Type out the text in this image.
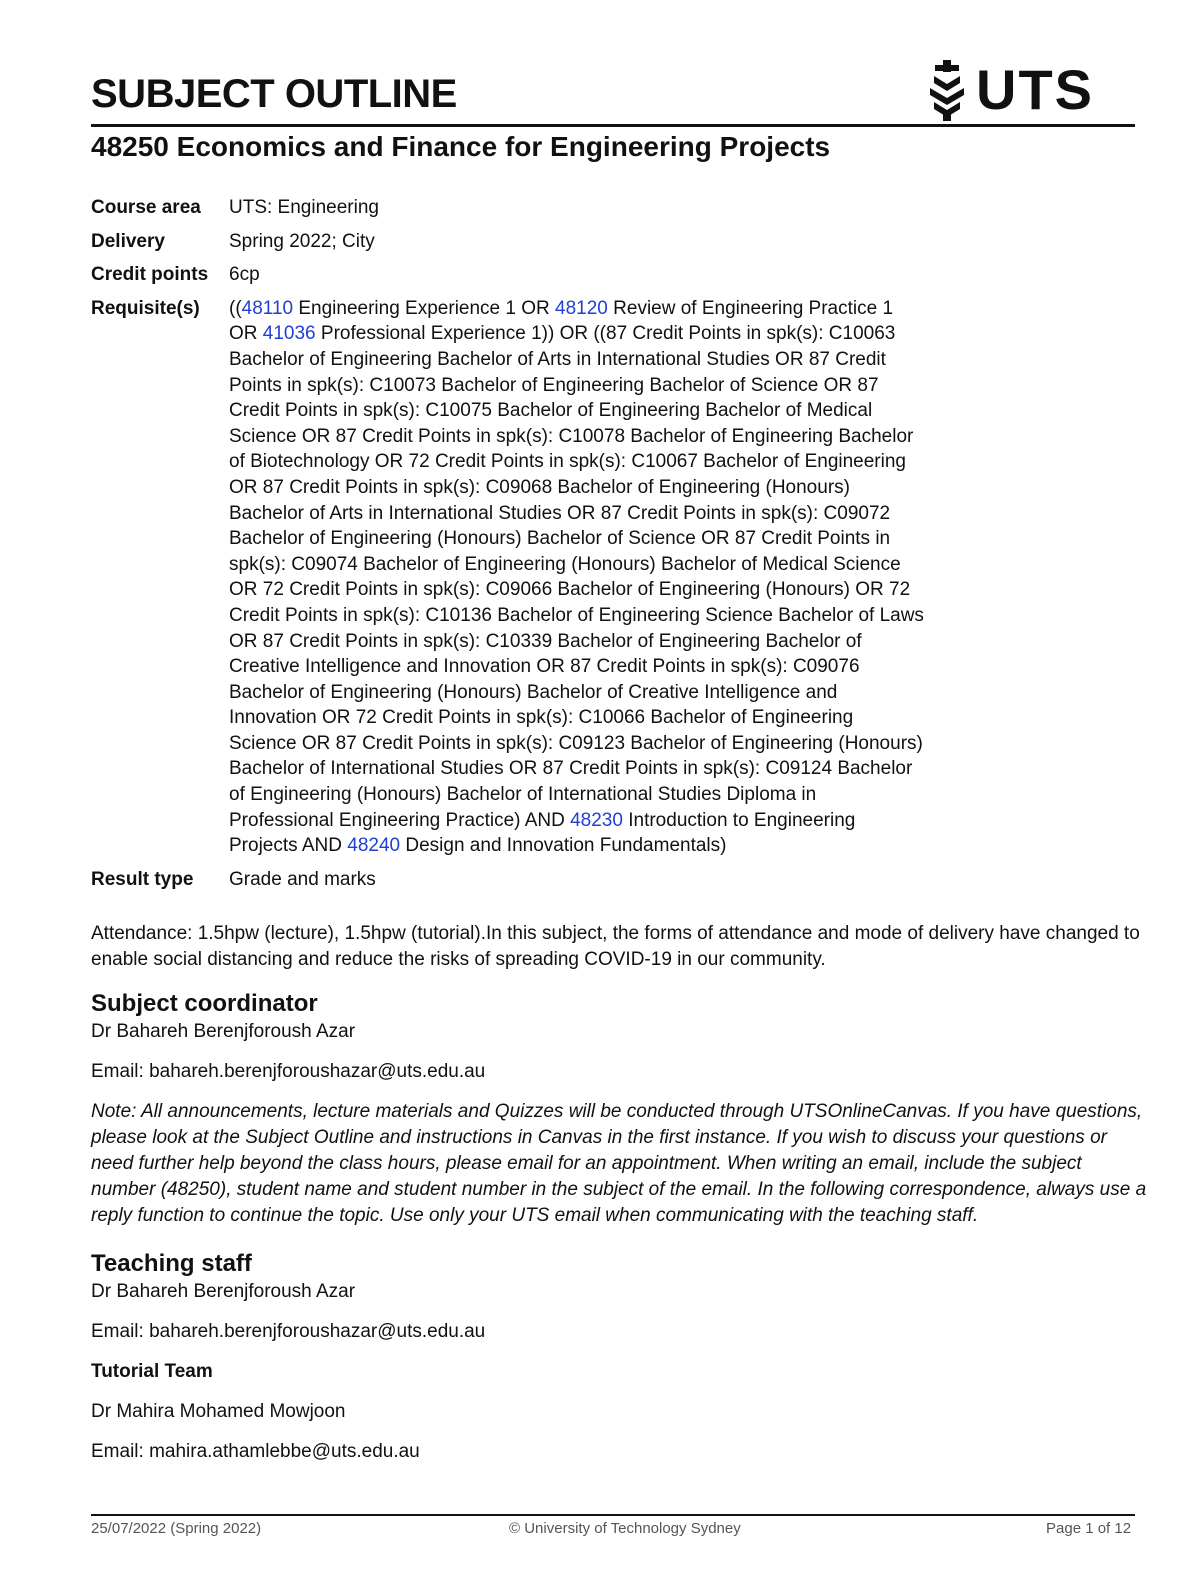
SUBJECT OUTLINE	UTS
48250 Economics and Finance for Engineering Projects
Course area	UTS: Engineering
Delivery	Spring 2022; City
Credit points	6cp
Requisite(s)	((48110 Engineering Experience 1 OR 48120 Review of Engineering Practice 1
OR 41036 Professional Experience 1)) OR ((87 Credit Points in spk(s): C10063
Bachelor of Engineering Bachelor of Arts in International Studies OR 87 Credit
Points in spk(s): C10073 Bachelor of Engineering Bachelor of Science OR 87
Credit Points in spk(s): C10075 Bachelor of Engineering Bachelor of Medical
Science OR 87 Credit Points in spk(s): C10078 Bachelor of Engineering Bachelor
of Biotechnology OR 72 Credit Points in spk(s): C10067 Bachelor of Engineering
OR 87 Credit Points in spk(s): C09068 Bachelor of Engineering (Honours)
Bachelor of Arts in International Studies OR 87 Credit Points in spk(s): C09072
Bachelor of Engineering (Honours) Bachelor of Science OR 87 Credit Points in
spk(s): C09074 Bachelor of Engineering (Honours) Bachelor of Medical Science
OR 72 Credit Points in spk(s): C09066 Bachelor of Engineering (Honours) OR 72
Credit Points in spk(s): C10136 Bachelor of Engineering Science Bachelor of Laws
OR 87 Credit Points in spk(s): C10339 Bachelor of Engineering Bachelor of
Creative Intelligence and Innovation OR 87 Credit Points in spk(s): C09076
Bachelor of Engineering (Honours) Bachelor of Creative Intelligence and
Innovation OR 72 Credit Points in spk(s): C10066 Bachelor of Engineering
Science OR 87 Credit Points in spk(s): C09123 Bachelor of Engineering (Honours)
Bachelor of International Studies OR 87 Credit Points in spk(s): C09124 Bachelor
of Engineering (Honours) Bachelor of International Studies Diploma in
Professional Engineering Practice) AND 48230 Introduction to Engineering
Projects AND 48240 Design and Innovation Fundamentals)
Result type	Grade and marks

Attendance: 1.5hpw (lecture), 1.5hpw (tutorial).In this subject, the forms of attendance and mode of delivery have changed to enable social distancing and reduce the risks of spreading COVID-19 in our community.

Subject coordinator

Dr Bahareh Berenjforoush Azar

Email: bahareh.berenjforoushazar@uts.edu.au

Note: All announcements, lecture materials and Quizzes will be conducted through UTSOnlineCanvas. If you have questions, please look at the Subject Outline and instructions in Canvas in the first instance. If you wish to discuss your questions or need further help beyond the class hours, please email for an appointment. When writing an email, include the subject number (48250), student name and student number in the subject of the email. In the following correspondence, always use a reply function to continue the topic. Use only your UTS email when communicating with the teaching staff.

Teaching staff

Dr Bahareh Berenjforoush Azar

Email: bahareh.berenjforoushazar@uts.edu.au

Tutorial Team

Dr Mahira Mohamed Mowjoon

Email: mahira.athamlebbe@uts.edu.au

25/07/2022 (Spring 2022)	© University of Technology Sydney	Page 1 of 12
